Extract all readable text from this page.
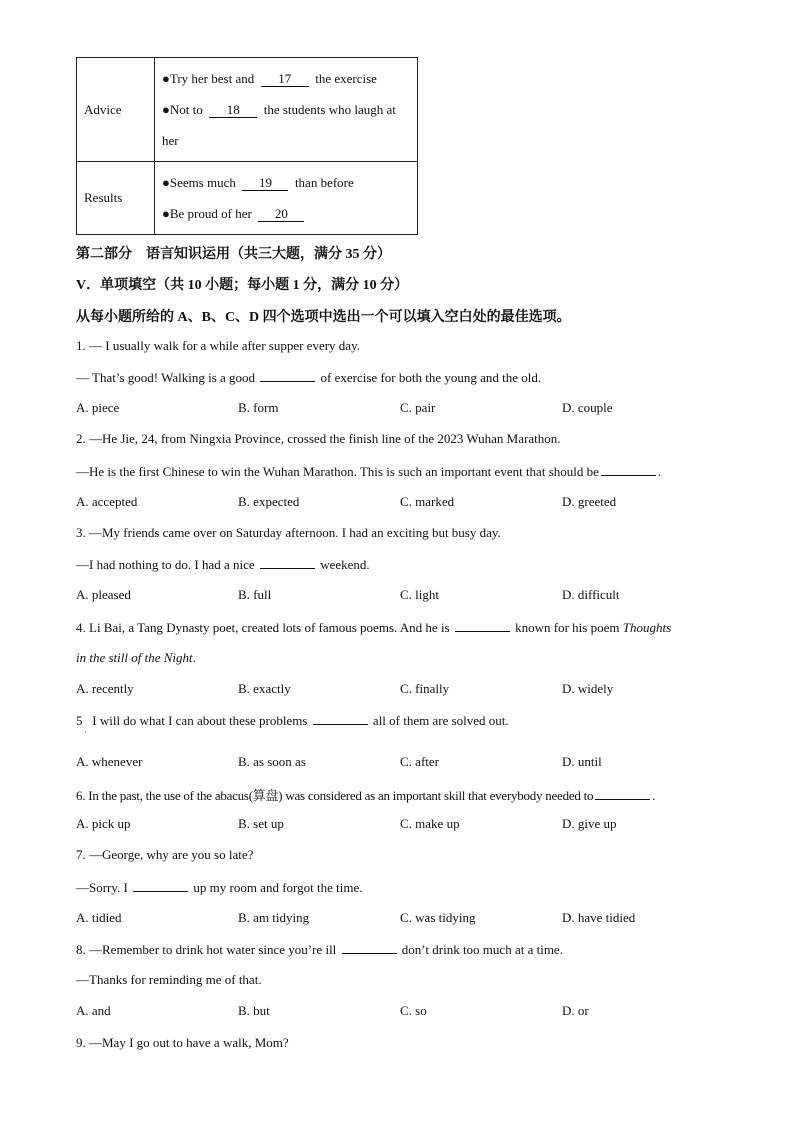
Advice	●Try her best and 17 the exercise
●Not to 18 the students who laugh at
her

Results	●Seems much 19 than before
●Be proud of her 20
第二部分　语言知识运用（共三大题，满分 35 分）
V．单项填空（共 10 小题；每小题 1 分，满分 10 分）
从每小题所给的 A、B、C、D 四个选项中选出一个可以填入空白处的最佳选项。
1. — I usually walk for a while after supper every day.
— That’s good! Walking is a good	of exercise for both the young and the old.
A. piece	B. form	C. pair	D. couple
2. —He Jie, 24, from Ningxia Province, crossed the finish line of the 2023 Wuhan Marathon.
—He is the first Chinese to win the Wuhan Marathon. This is such an important event that should be	.
A. accepted	B. expected	C. marked	D. greeted
3. —My friends came over on Saturday afternoon. I had an exciting but busy day.
—I had nothing to do. I had a nice	weekend.
A. pleased	B. full	C. light	D. difficult
4. Li Bai, a Tang Dynasty poet, created lots of famous poems. And he is	known for his poem Thoughts
in the still of the Night.
A. recently	B. exactly	C. finally	D. widely
5   I will do what I can about these problems	all of them are solved out.
·
A. whenever	B. as soon as	C. after	D. until
6. In the past, the use of the abacus(算盘) was considered as an important skill that everybody needed to	.
A. pick up	B. set up	C. make up	D. give up
7. —George, why are you so late?
—Sorry. I	up my room and forgot the time.
A. tidied	B. am tidying	C. was tidying	D. have tidied
8. —Remember to drink hot water since you’re ill	don’t drink too much at a time.
—Thanks for reminding me of that.
A. and	B. but	C. so	D. or
9. —May I go out to have a walk, Mom?
